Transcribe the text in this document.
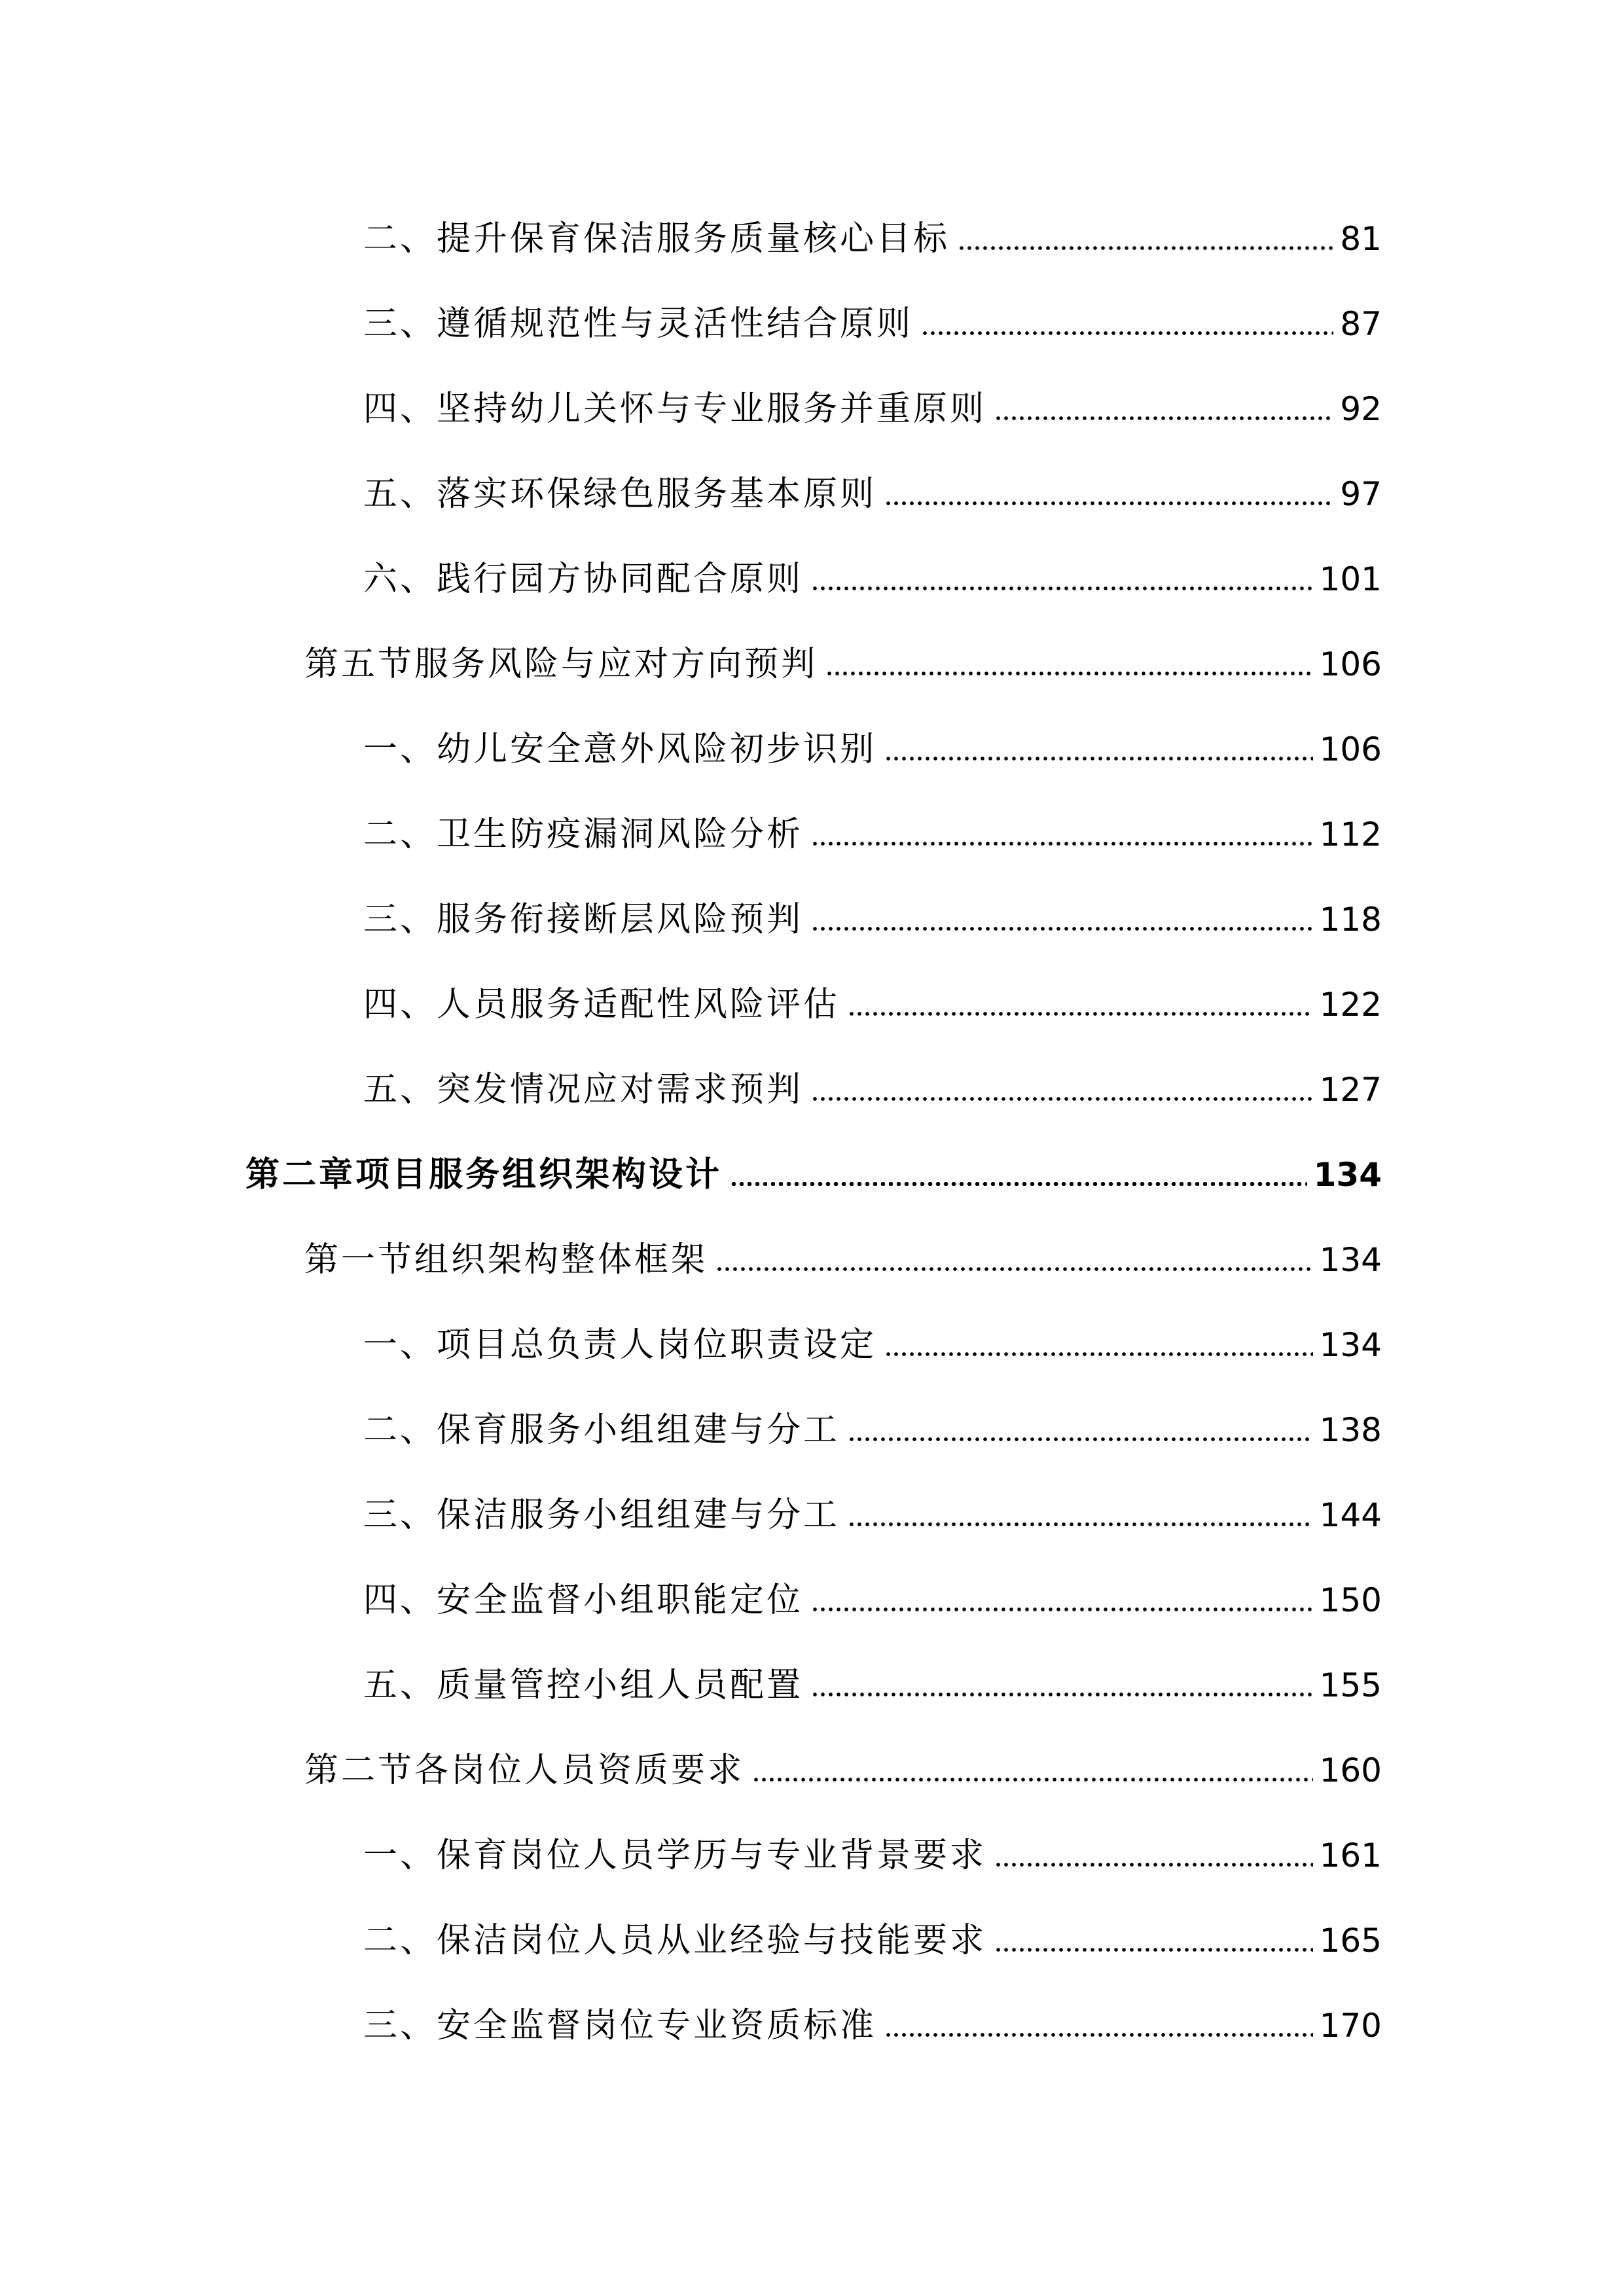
二、提升保育保洁服务质量核心目标	81
三、遵循规范性与灵活性结合原则	87
四、坚持幼儿关怀与专业服务并重原则	92
五、落实环保绿色服务基本原则	97
六、践行园方协同配合原则	101
第五节服务风险与应对方向预判	106
一、幼儿安全意外风险初步识别	106
二、卫生防疫漏洞风险分析	112
三、服务衔接断层风险预判	118
四、人员服务适配性风险评估	122
五、突发情况应对需求预判	127
第二章项目服务组织架构设计	134
第一节组织架构整体框架	134
一、项目总负责人岗位职责设定	134
二、保育服务小组组建与分工	138
三、保洁服务小组组建与分工	144
四、安全监督小组职能定位	150
五、质量管控小组人员配置	155
第二节各岗位人员资质要求	160
一、保育岗位人员学历与专业背景要求	161
二、保洁岗位人员从业经验与技能要求	165
三、安全监督岗位专业资质标准	170
